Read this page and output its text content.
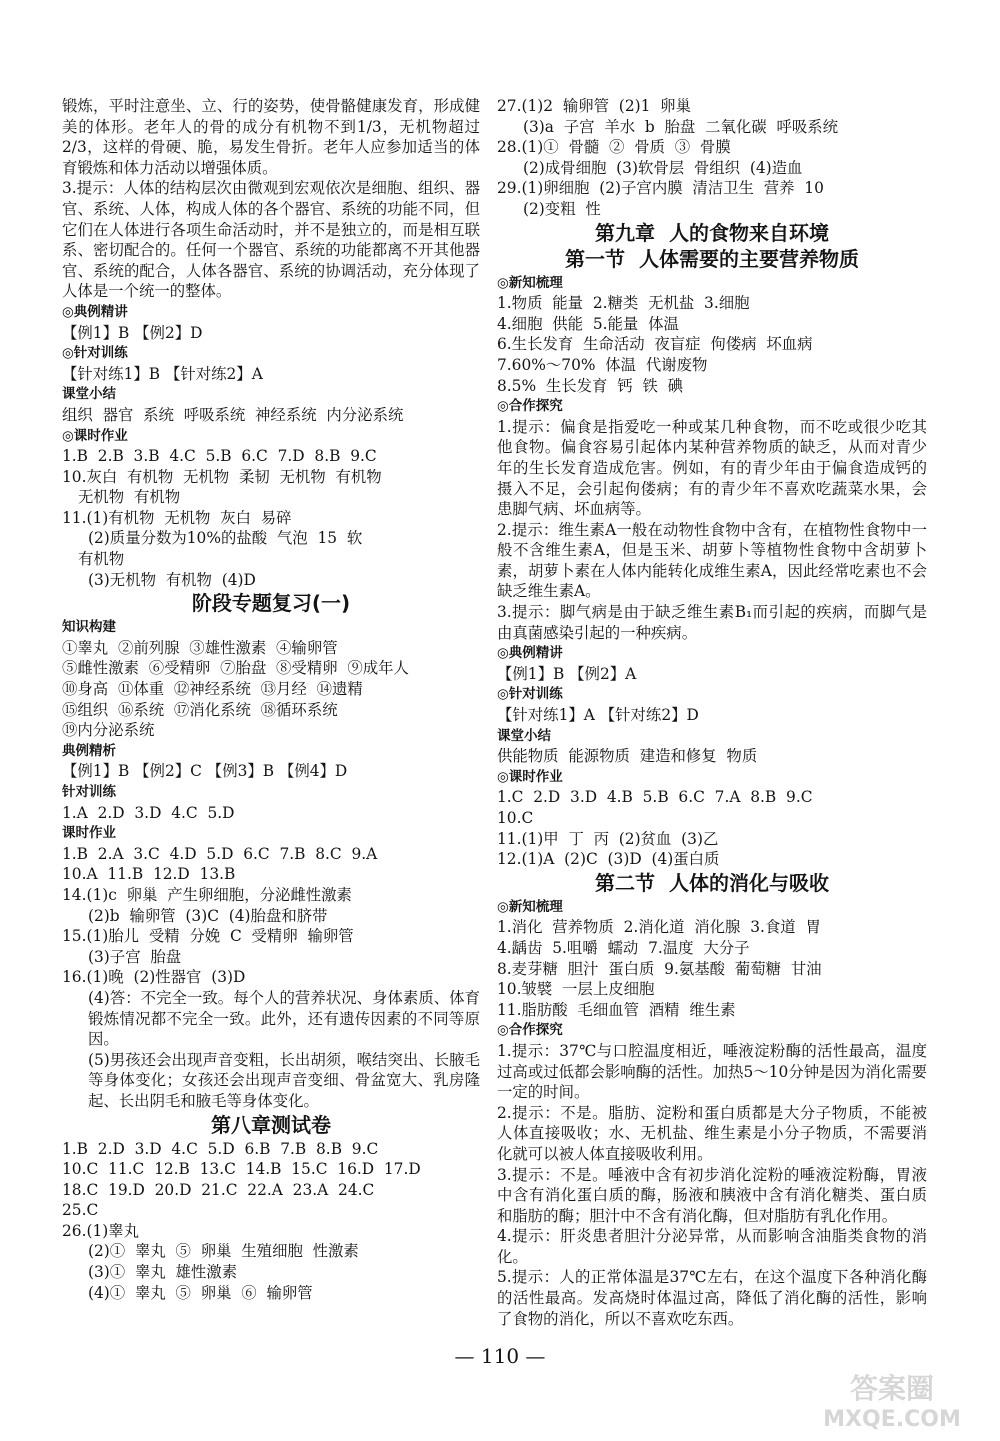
锻炼，平时注意坐、立、行的姿势，使骨骼健康发育，形成健美的体形。老年人的骨的成分有机物不到1/3，无机物超过2/3，这样的骨硬、脆，易发生骨折。老年人应参加适当的体育锻炼和体力活动以增强体质。
3.提示：人体的结构层次由微观到宏观依次是细胞、组织、器官、系统、人体，构成人体的各个器官、系统的功能不同，但它们在人体进行各项生命活动时，并不是独立的，而是相互联系、密切配合的。任何一个器官、系统的功能都离不开其他器官、系统的配合，人体各器官、系统的协调活动，充分体现了人体是一个统一的整体。
◎典例精讲
【例1】B 【例2】D
◎针对训练
【针对练1】B 【针对练2】A
课堂小结
组织  器官  系统  呼吸系统  神经系统  内分泌系统
◎课时作业
1.B  2.B  3.B  4.C  5.B  6.C  7.D  8.B  9.C
10.灰白  有机物  无机物  柔韧  无机物  有机物
无机物  有机物
11.(1)有机物  无机物  灰白  易碎
(2)质量分数为10%的盐酸  气泡  15  软
有机物
(3)无机物  有机物  (4)D
阶段专题复习(一)
知识构建
①睾丸  ②前列腺  ③雄性激素  ④输卵管
⑤雌性激素  ⑥受精卵  ⑦胎盘  ⑧受精卵  ⑨成年人
⑩身高  ⑪体重  ⑫神经系统  ⑬月经  ⑭遗精
⑮组织  ⑯系统  ⑰消化系统  ⑱循环系统
⑲内分泌系统
典例精析
【例1】B 【例2】C 【例3】B 【例4】D
针对训练
1.A  2.D  3.D  4.C  5.D
课时作业
1.B  2.A  3.C  4.D  5.D  6.C  7.B  8.C  9.A
10.A  11.B  12.D  13.B
14.(1)c  卵巢  产生卵细胞，分泌雌性激素
(2)b  输卵管  (3)C  (4)胎盘和脐带
15.(1)胎儿  受精  分娩  C  受精卵  输卵管
(3)子宫  胎盘
16.(1)晚  (2)性器官  (3)D
(4)答：不完全一致。每个人的营养状况、身体素质、体育锻炼情况都不完全一致。此外，还有遗传因素的不同等原因。
(5)男孩还会出现声音变粗，长出胡须，喉结突出、长腋毛等身体变化；女孩还会出现声音变细、骨盆宽大、乳房隆起、长出阴毛和腋毛等身体变化。
第八章测试卷
1.B  2.D  3.D  4.C  5.D  6.B  7.B  8.B  9.C
10.C  11.C  12.B  13.C  14.B  15.C  16.D  17.D
18.C  19.D  20.D  21.C  22.A  23.A  24.C
25.C
26.(1)睾丸
(2)①  睾丸  ⑤  卵巢  生殖细胞  性激素
(3)①  睾丸  雄性激素
(4)①  睾丸  ⑤  卵巢  ⑥  输卵管
27.(1)2  输卵管  (2)1  卵巢
(3)a  子宫  羊水  b  胎盘  二氧化碳  呼吸系统
28.(1)①  骨髓  ②  骨质  ③  骨膜
(2)成骨细胞  (3)软骨层  骨组织  (4)造血
29.(1)卵细胞  (2)子宫内膜  清洁卫生  营养  10
(2)变粗  性
第九章  人的食物来自环境
第一节  人体需要的主要营养物质
◎新知梳理
1.物质  能量  2.糖类  无机盐  3.细胞
4.细胞  供能  5.能量  体温
6.生长发育  生命活动  夜盲症  佝偻病  坏血病
7.60%～70%  体温  代谢废物
8.5%  生长发育  钙  铁  碘
◎合作探究
1.提示：偏食是指爱吃一种或某几种食物，而不吃或很少吃其他食物。偏食容易引起体内某种营养物质的缺乏，从而对青少年的生长发育造成危害。例如，有的青少年由于偏食造成钙的摄入不足，会引起佝偻病；有的青少年不喜欢吃蔬菜水果，会患脚气病、坏血病等。
2.提示：维生素A一般在动物性食物中含有，在植物性食物中一般不含维生素A，但是玉米、胡萝卜等植物性食物中含胡萝卜素，胡萝卜素在人体内能转化成维生素A，因此经常吃素也不会缺乏维生素A。
3.提示：脚气病是由于缺乏维生素B₁而引起的疾病，而脚气是由真菌感染引起的一种疾病。
◎典例精讲
【例1】B 【例2】A
◎针对训练
【针对练1】A 【针对练2】D
课堂小结
供能物质  能源物质  建造和修复  物质
◎课时作业
1.C  2.D  3.D  4.B  5.B  6.C  7.A  8.B  9.C
10.C
11.(1)甲  丁  丙  (2)贫血  (3)乙
12.(1)A  (2)C  (3)D  (4)蛋白质
第二节  人体的消化与吸收
◎新知梳理
1.消化  营养物质  2.消化道  消化腺  3.食道  胃
4.龋齿  5.咀嚼  蠕动  7.温度  大分子
8.麦芽糖  胆汁  蛋白质  9.氨基酸  葡萄糖  甘油
10.皱襞  一层上皮细胞
11.脂肪酸  毛细血管  酒精  维生素
◎合作探究
1.提示：37℃与口腔温度相近，唾液淀粉酶的活性最高，温度过高或过低都会影响酶的活性。加热5～10分钟是因为消化需要一定的时间。
2.提示：不是。脂肪、淀粉和蛋白质都是大分子物质，不能被人体直接吸收；水、无机盐、维生素是小分子物质，不需要消化就可以被人体直接吸收利用。
3.提示：不是。唾液中含有初步消化淀粉的唾液淀粉酶，胃液中含有消化蛋白质的酶，肠液和胰液中含有消化糖类、蛋白质和脂肪的酶；胆汁中不含有消化酶，但对脂肪有乳化作用。
4.提示：肝炎患者胆汁分泌异常，从而影响含油脂类食物的消化。
5.提示：人的正常体温是37℃左右，在这个温度下各种消化酶的活性最高。发高烧时体温过高，降低了消化酶的活性，影响了食物的消化，所以不喜欢吃东西。
— 110 —
答案圈
MXQE.COM
